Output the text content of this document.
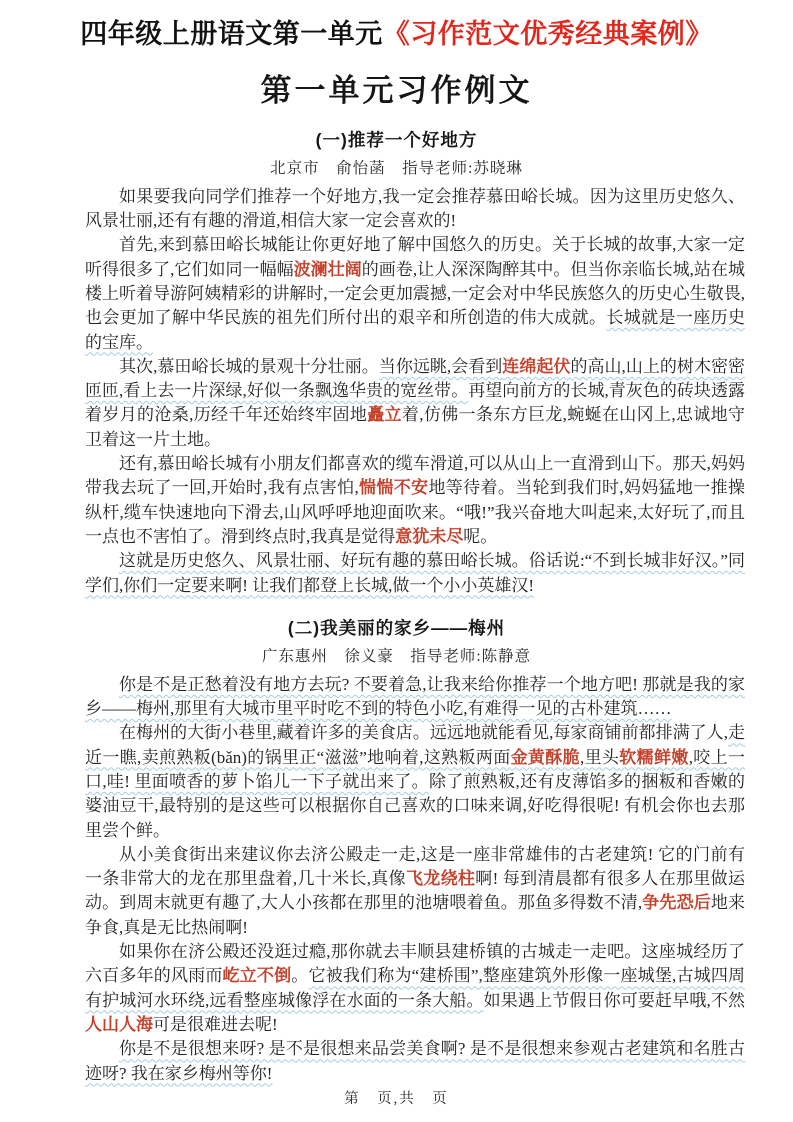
四年级上册语文第一单元《习作范文优秀经典案例》
第一单元习作例文
(一)推荐一个好地方
北京市　俞怡菡　指导老师:苏晓琳

如果要我向同学们推荐一个好地方,我一定会推荐慕田峪长城。因为这里历史悠久、风景壮丽,还有有趣的滑道,相信大家一定会喜欢的!

首先,来到慕田峪长城能让你更好地了解中国悠久的历史。关于长城的故事,大家一定听得很多了,它们如同一幅幅波澜壮阔的画卷,让人深深陶醉其中。但当你亲临长城,站在城楼上听着导游阿姨精彩的讲解时,一定会更加震撼,一定会对中华民族悠久的历史心生敬畏,也会更加了解中华民族的祖先们所付出的艰辛和所创造的伟大成就。长城就是一座历史的宝库。

其次,慕田峪长城的景观十分壮丽。当你远眺,会看到连绵起伏的高山,山上的树木密密匝匝,看上去一片深绿,好似一条飘逸华贵的宽丝带。再望向前方的长城,青灰色的砖块透露着岁月的沧桑,历经千年还始终牢固地矗立着,仿佛一条东方巨龙,蜿蜒在山冈上,忠诚地守卫着这一片土地。

还有,慕田峪长城有小朋友们都喜欢的缆车滑道,可以从山上一直滑到山下。那天,妈妈带我去玩了一回,开始时,我有点害怕,惴惴不安地等待着。当轮到我们时,妈妈猛地一推操纵杆,缆车快速地向下滑去,山风呼呼地迎面吹来。“哦!”我兴奋地大叫起来,太好玩了,而且一点也不害怕了。滑到终点时,我真是觉得意犹未尽呢。

这就是历史悠久、风景壮丽、好玩有趣的慕田峪长城。俗话说:“不到长城非好汉。”同学们,你们一定要来啊! 让我们都登上长城,做一个小小英雄汉!

(二)我美丽的家乡——梅州
广东惠州　徐义豪　指导老师:陈静意

你是不是正愁着没有地方去玩? 不要着急,让我来给你推荐一个地方吧! 那就是我的家乡——梅州,那里有大城市里平时吃不到的特色小吃,有难得一见的古朴建筑……

在梅州的大街小巷里,藏着许多的美食店。远远地就能看见,每家商铺前都排满了人,走近一瞧,卖煎熟粄(bǎn)的锅里正“滋滋”地响着,这熟粄两面金黄酥脆,里头软糯鲜嫩,咬上一口,哇! 里面喷香的萝卜馅儿一下子就出来了。除了煎熟粄,还有皮薄馅多的捆粄和香嫩的婆油豆干,最特别的是这些可以根据你自己喜欢的口味来调,好吃得很呢! 有机会你也去那里尝个鲜。

从小美食街出来建议你去济公殿走一走,这是一座非常雄伟的古老建筑! 它的门前有一条非常大的龙在那里盘着,几十米长,真像飞龙绕柱啊! 每到清晨都有很多人在那里做运动。到周末就更有趣了,大人小孩都在那里的池塘喂着鱼。那鱼多得数不清,争先恐后地来争食,真是无比热闹啊!

如果你在济公殿还没逛过瘾,那你就去丰顺县建桥镇的古城走一走吧。这座城经历了六百多年的风雨而屹立不倒。它被我们称为“建桥围”,整座建筑外形像一座城堡,古城四周有护城河水环绕,远看整座城像浮在水面的一条大船。如果遇上节假日你可要赶早哦,不然人山人海可是很难进去呢!

你是不是很想来呀? 是不是很想来品尝美食啊? 是不是很想来参观古老建筑和名胜古迹呀? 我在家乡梅州等你!

第　页,共　页
